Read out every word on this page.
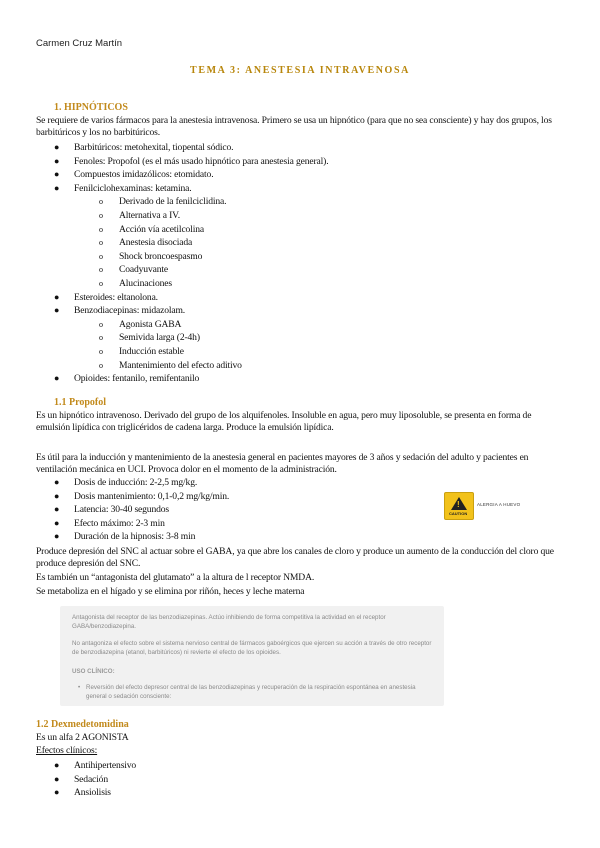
Carmen Cruz Martín
TEMA 3: ANESTESIA INTRAVENOSA
1. HIPNÓTICOS
Se requiere de varios fármacos para la anestesia intravenosa. Primero se usa un hipnótico (para que no sea consciente) y hay dos grupos, los barbitúricos y los no barbitúricos.
● Barbitúricos: metohexital, tiopental sódico.
● Fenoles: Propofol (es el más usado hipnótico para anestesia general).
● Compuestos imidazólicos: etomidato.
● Fenilciclohexaminas: ketamina.
o Derivado de la fenilciclidina.
o Alternativa a IV.
o Acción vía acetilcolina
o Anestesia disociada
o Shock broncoespasmo
o Coadyuvante
o Alucinaciones
● Esteroides: eltanolona.
● Benzodiacepinas: midazolam.
o Agonista GABA
o Semivida larga (2-4h)
o Inducción estable
o Mantenimiento del efecto aditivo
● Opioides: fentanilo, remifentanilo
1.1 Propofol
Es un hipnótico intravenoso. Derivado del grupo de los alquifenoles. Insoluble en agua, pero muy liposoluble, se presenta en forma de emulsión lipídica con triglicéridos de cadena larga. Produce la emulsión lipídica.
Es útil para la inducción y mantenimiento de la anestesia general en pacientes mayores de 3 años y sedación del adulto y pacientes en ventilación mecánica en UCI. Provoca dolor en el momento de la administración.
● Dosis de inducción: 2-2,5 mg/kg.
● Dosis mantenimiento: 0,1-0,2 mg/kg/min.
● Latencia: 30-40 segundos
● Efecto máximo: 2-3 min
● Duración de la hipnosis: 3-8 min
!
CAUTION
ALERGIA A HUEVO
Produce depresión del SNC al actuar sobre el GABA, ya que abre los canales de cloro y produce un aumento de la conducción del cloro que produce depresión del SNC.
Es también un “antagonista del glutamato” a la altura de l receptor NMDA.
Se metaboliza en el hígado y se elimina por riñón, heces y leche materna
Antagonista del receptor de las benzodiazepinas. Actúo inhibiendo de forma competitiva la actividad en el receptor GABA/benzodiazepina.
No antagoniza el efecto sobre el sistema nervioso central de fármacos gaboérgicos que ejercen su acción a través de otro receptor de benzodiazepina (etanol, barbitúricos) ni revierte el efecto de los opioides.
USO CLÍNICO:
• Reversión del efecto depresor central de las benzodiazepinas y recuperación de la respiración espontánea en anestesia general o sedación consciente:
1.2 Dexmedetomidina
Es un alfa 2 AGONISTA
Efectos clínicos:
● Antihipertensivo
● Sedación
● Ansiolisis
